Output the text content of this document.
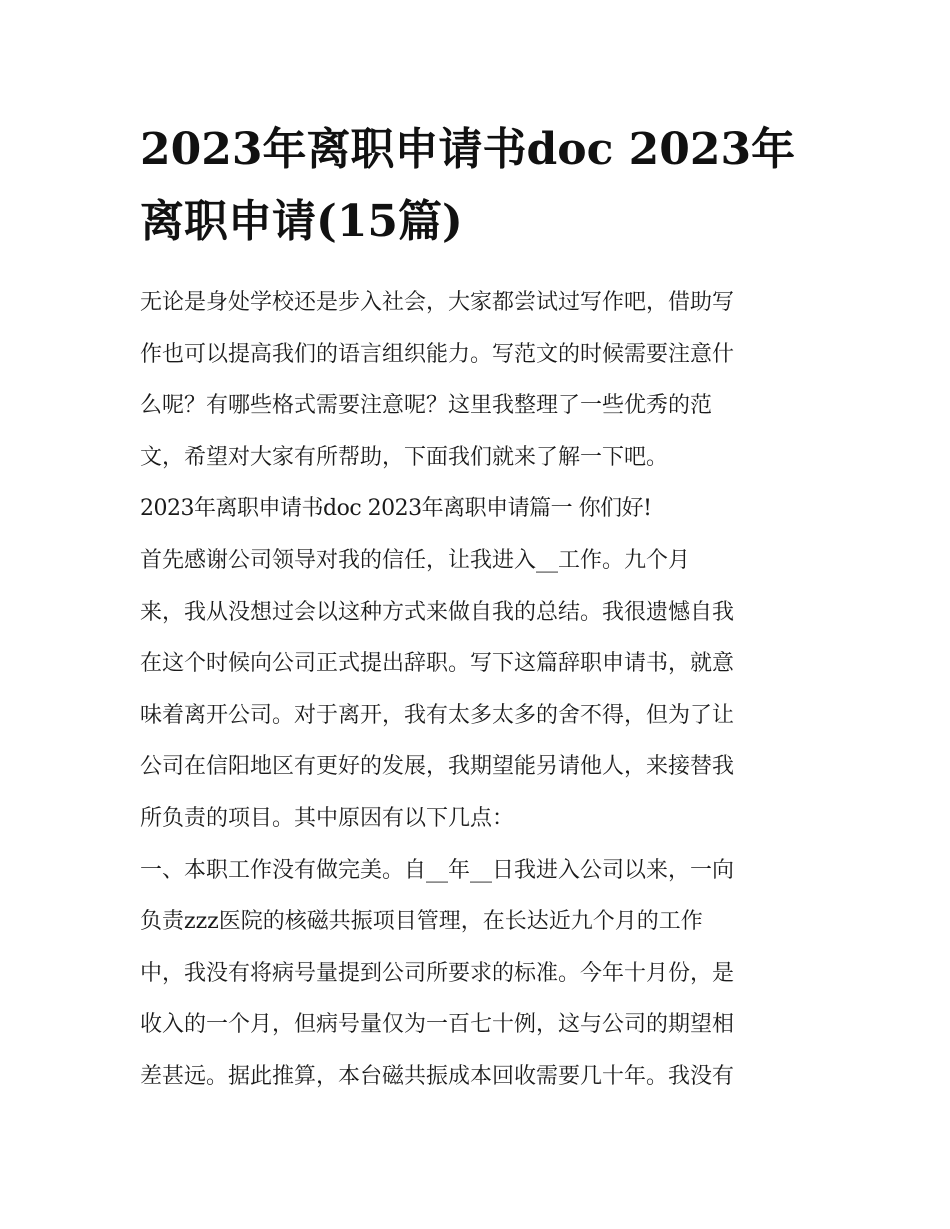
2023年离职申请书doc 2023年
离职申请(15篇)
无论是身处学校还是步入社会，大家都尝试过写作吧，借助写
作也可以提高我们的语言组织能力。写范文的时候需要注意什
么呢？有哪些格式需要注意呢？这里我整理了一些优秀的范
文，希望对大家有所帮助，下面我们就来了解一下吧。
2023年离职申请书doc 2023年离职申请篇一 你们好!
首先感谢公司领导对我的信任，让我进入__工作。九个月
来，我从没想过会以这种方式来做自我的总结。我很遗憾自我
在这个时候向公司正式提出辞职。写下这篇辞职申请书，就意
味着离开公司。对于离开，我有太多太多的舍不得，但为了让
公司在信阳地区有更好的发展，我期望能另请他人，来接替我
所负责的项目。其中原因有以下几点：
一、本职工作没有做完美。自__年__日我进入公司以来，一向
负责zzz医院的核磁共振项目管理，在长达近九个月的工作
中，我没有将病号量提到公司所要求的标准。今年十月份，是
收入的一个月，但病号量仅为一百七十例，这与公司的期望相
差甚远。据此推算，本台磁共振成本回收需要几十年。我没有
